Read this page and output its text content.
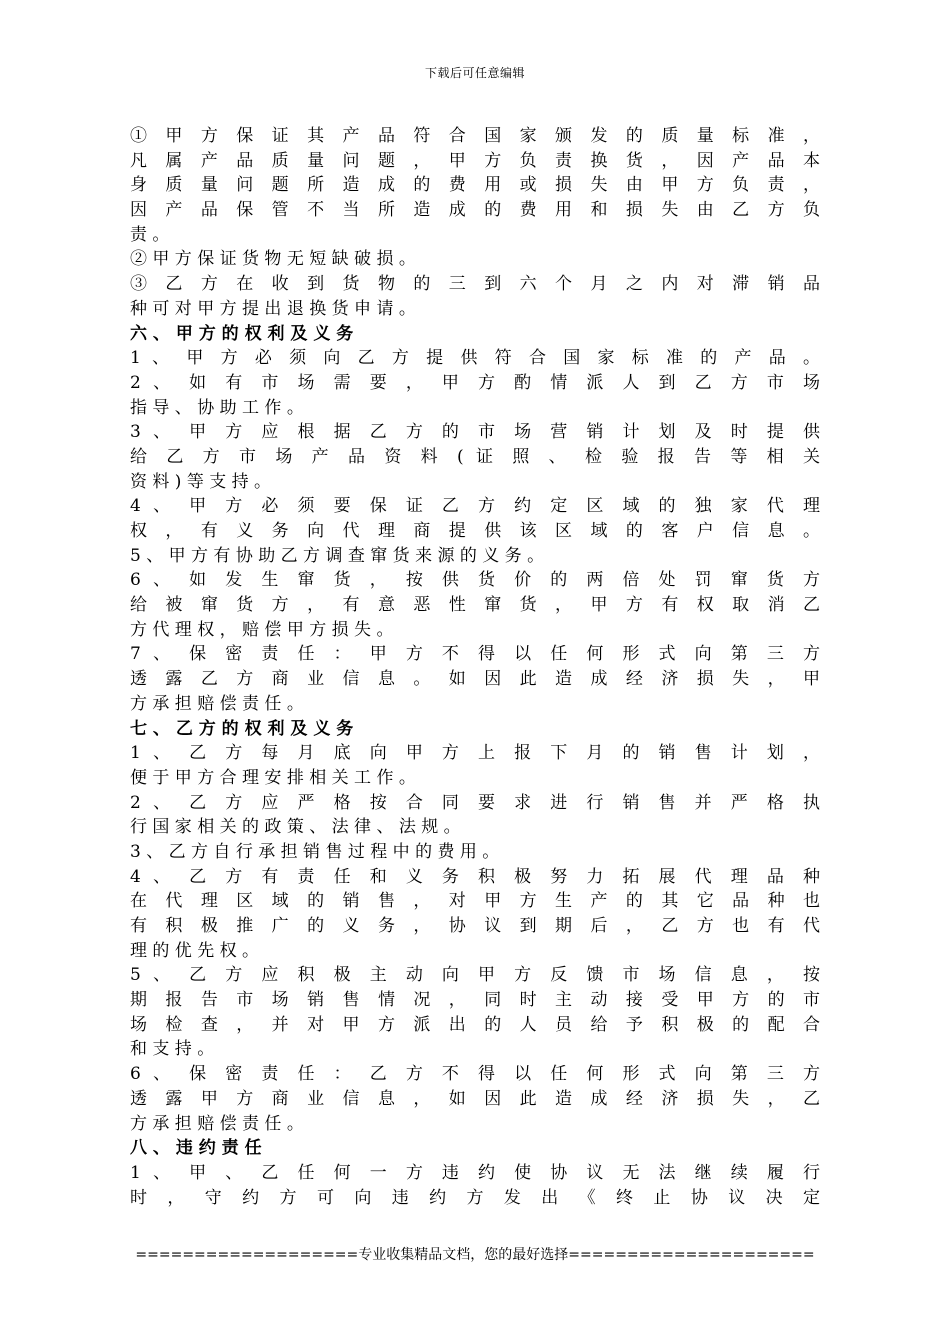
下载后可任意编辑
① 甲 方 保 证 其 产 品 符 合 国 家 颁 发 的 质 量 标 准 ，
凡 属 产 品 质 量 问 题 ， 甲 方 负 责 换 货 ， 因 产 品 本
身 质 量 问 题 所 造 成 的 费 用 或 损 失 由 甲 方 负 责 ，
因 产 品 保 管 不 当 所 造 成 的 费 用 和 损 失 由 乙 方 负
责 。
② 甲 方 保 证 货 物 无 短 缺 破 损 。
③ 乙 方 在 收 到 货 物 的 三 到 六 个 月 之 内 对 滞 销 品
种 可 对 甲 方 提 出 退 换 货 申 请 。
六 、 甲 方 的 权 利 及 义 务
1 、 甲 方 必 须 向 乙 方 提 供 符 合 国 家 标 准 的 产 品 。
2 、 如 有 市 场 需 要 ， 甲 方 酌 情 派 人 到 乙 方 市 场
指 导 、 协 助 工 作 。
3 、 甲 方 应 根 据 乙 方 的 市 场 营 销 计 划 及 时 提 供
给 乙 方 市 场 产 品 资 料 ( 证 照 、 检 验 报 告 等 相 关
资 料 ) 等 支 持 。
4 、 甲 方 必 须 要 保 证 乙 方 约 定 区 域 的 独 家 代 理
权 ， 有 义 务 向 代 理 商 提 供 该 区 域 的 客 户 信 息 。
5 、 甲 方 有 协 助 乙 方 调 查 窜 货 来 源 的 义 务 。
6 、 如 发 生 窜 货 ， 按 供 货 价 的 两 倍 处 罚 窜 货 方
给 被 窜 货 方 ， 有 意 恶 性 窜 货 ， 甲 方 有 权 取 消 乙
方 代 理 权 ， 赔 偿 甲 方 损 失 。
7 、 保 密 责 任 ： 甲 方 不 得 以 任 何 形 式 向 第 三 方
透 露 乙 方 商 业 信 息 。 如 因 此 造 成 经 济 损 失 ， 甲
方 承 担 赔 偿 责 任 。
七 、 乙 方 的 权 利 及 义 务
1 、 乙 方 每 月 底 向 甲 方 上 报 下 月 的 销 售 计 划 ，
便 于 甲 方 合 理 安 排 相 关 工 作 。
2 、 乙 方 应 严 格 按 合 同 要 求 进 行 销 售 并 严 格 执
行 国 家 相 关 的 政 策 、 法 律 、 法 规 。
3 、 乙 方 自 行 承 担 销 售 过 程 中 的 费 用 。
4 、 乙 方 有 责 任 和 义 务 积 极 努 力 拓 展 代 理 品 种
在 代 理 区 域 的 销 售 ， 对 甲 方 生 产 的 其 它 品 种 也
有 积 极 推 广 的 义 务 ， 协 议 到 期 后 ， 乙 方 也 有 代
理 的 优 先 权 。
5 、 乙 方 应 积 极 主 动 向 甲 方 反 馈 市 场 信 息 ， 按
期 报 告 市 场 销 售 情 况 ， 同 时 主 动 接 受 甲 方 的 市
场 检 查 ， 并 对 甲 方 派 出 的 人 员 给 予 积 极 的 配 合
和 支 持 。
6 、 保 密 责 任 ： 乙 方 不 得 以 任 何 形 式 向 第 三 方
透 露 甲 方 商 业 信 息 ， 如 因 此 造 成 经 济 损 失 ， 乙
方 承 担 赔 偿 责 任 。
八 、 违 约 责 任
1 、 甲 、 乙 任 何 一 方 违 约 使 协 议 无 法 继 续 履 行
时 ， 守 约 方 可 向 违 约 方 发 出 《 终 止 协 议 决 定
===================专业收集精品文档，您的最好选择=====================
